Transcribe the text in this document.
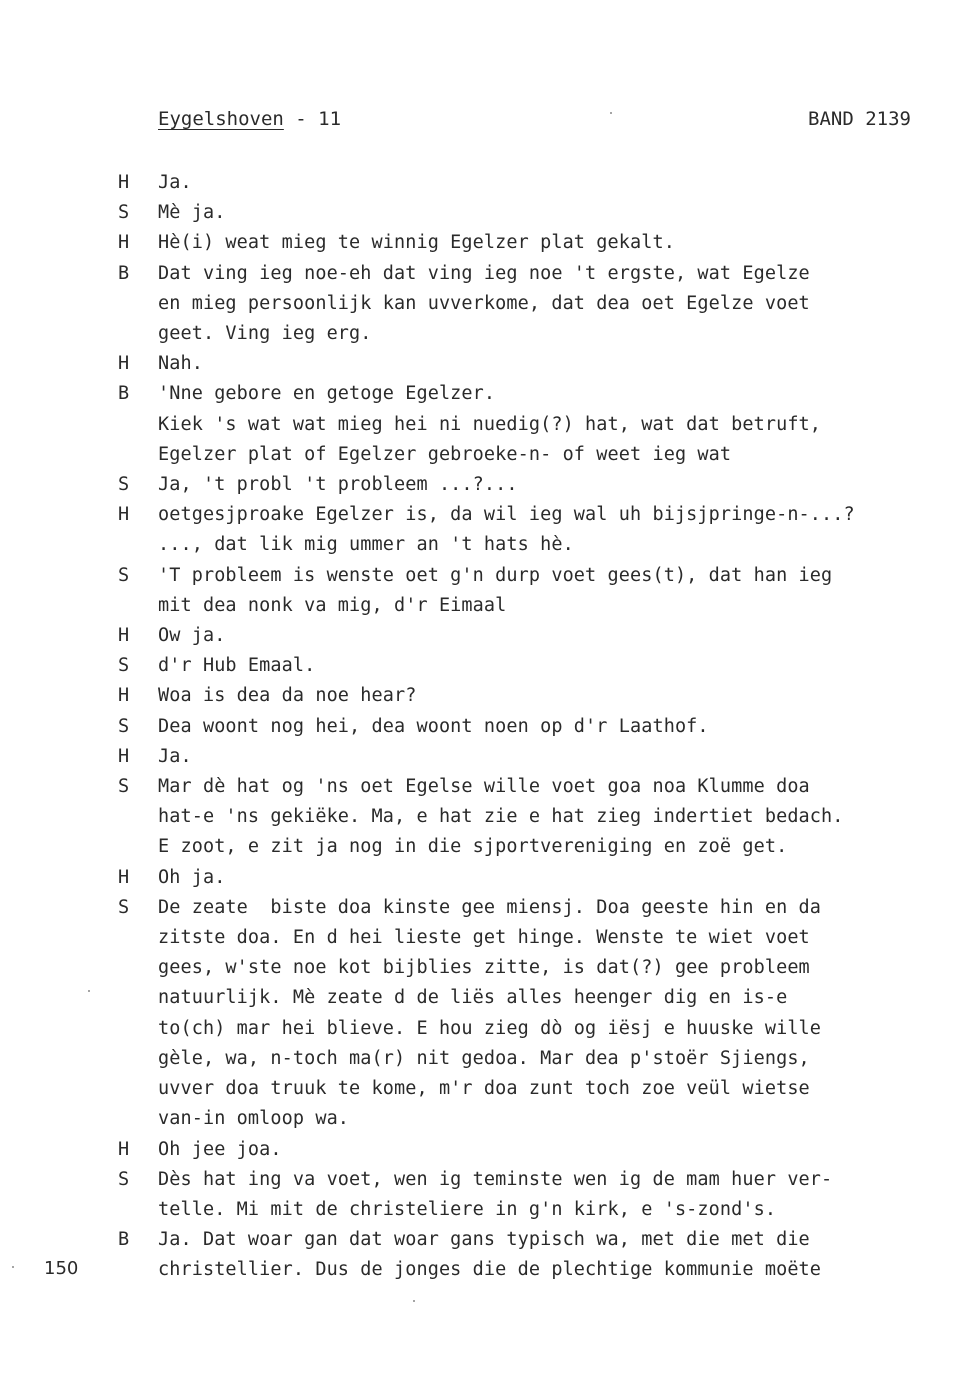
Eygelshoven - 11	BAND 2139
H	Ja.
S	Mè ja.
H	Hè(i) weat mieg te winnig Egelzer plat gekalt.
B	Dat ving ieg noe-eh dat ving ieg noe 't ergste, wat Egelze
en mieg persoonlijk kan uvverkome, dat dea oet Egelze voet
geet. Ving ieg erg.
H	Nah.
B	'Nne gebore en getoge Egelzer.
Kiek 's wat wat mieg hei ni nuedig(?) hat, wat dat betruft,
Egelzer plat of Egelzer gebroeke-n- of weet ieg wat
S	Ja, 't probl 't probleem ...?...
H	oetgesjproake Egelzer is, da wil ieg wal uh bijsjpringe-n-...?
..., dat lik mig ummer an 't hats hè.
S	'T probleem is wenste oet g'n durp voet gees(t), dat han ieg
mit dea nonk va mig, d'r Eimaal
H	Ow ja.
S	d'r Hub Emaal.
H	Woa is dea da noe hear?
S	Dea woont nog hei, dea woont noen op d'r Laathof.
H	Ja.
S	Mar dè hat og 'ns oet Egelse wille voet goa noa Klumme doa
hat-e 'ns gekiëke. Ma, e hat zie e hat zieg indertiet bedach.
E zoot, e zit ja nog in die sjportvereniging en zoë get.
H	Oh ja.
S	De zeate  biste doa kinste gee miensj. Doa geeste hin en da
zitste doa. En d hei lieste get hinge. Wenste te wiet voet
gees, w'ste noe kot bijblies zitte, is dat(?) gee probleem
natuurlijk. Mè zeate d de liës alles heenger dig en is-e
to(ch) mar hei blieve. E hou zieg dò og iësj e huuske wille
gèle, wa, n-toch ma(r) nit gedoa. Mar dea p'stoër Sjiengs,
uvver doa truuk te kome, m'r doa zunt toch zoe veül wietse
van-in omloop wa.
H	Oh jee joa.
S	Dès hat ing va voet, wen ig teminste wen ig de mam huer ver-
telle. Mi mit de christeliere in g'n kirk, e 's-zond's.
B	Ja. Dat woar gan dat woar gans typisch wa, met die met die
christellier. Dus de jonges die de plechtige kommunie moëte
150
